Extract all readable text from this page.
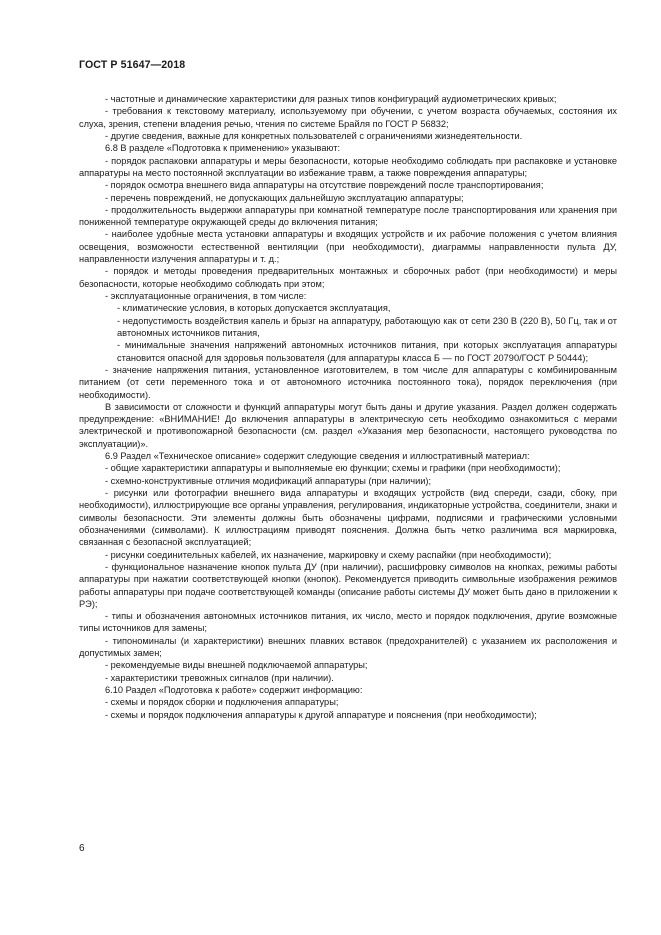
ГОСТ Р 51647—2018

- частотные и динамические характеристики для разных типов конфигураций аудиометрических кривых;

- требования к текстовому материалу, используемому при обучении, с учетом возраста обучаемых, состояния их слуха, зрения, степени владения речью, чтения по системе Брайля по ГОСТ Р 56832;

- другие сведения, важные для конкретных пользователей с ограничениями жизнедеятельности.

6.8 В разделе «Подготовка к применению» указывают:

- порядок распаковки аппаратуры и меры безопасности, которые необходимо соблюдать при распаковке и установке аппаратуры на место постоянной эксплуатации во избежание травм, а также повреждения аппаратуры;

- порядок осмотра внешнего вида аппаратуры на отсутствие повреждений после транспортирования;

- перечень повреждений, не допускающих дальнейшую эксплуатацию аппаратуры;

- продолжительность выдержки аппаратуры при комнатной температуре после транспортирования или хранения при пониженной температуре окружающей среды до включения питания;

- наиболее удобные места установки аппаратуры и входящих устройств и их рабочие положения с учетом влияния освещения, возможности естественной вентиляции (при необходимости), диаграммы направленности пульта ДУ, направленности излучения аппаратуры и т. д.;

- порядок и методы проведения предварительных монтажных и сборочных работ (при необходимости) и меры безопасности, которые необходимо соблюдать при этом;

- эксплуатационные ограничения, в том числе:

- климатические условия, в которых допускается эксплуатация,

- недопустимость воздействия капель и брызг на аппаратуру, работающую как от сети 230 В (220 В), 50 Гц, так и от автономных источников питания,

- минимальные значения напряжений автономных источников питания, при которых эксплуатация аппаратуры становится опасной для здоровья пользователя (для аппаратуры класса Б — по ГОСТ 20790/ГОСТ Р 50444);

- значение напряжения питания, установленное изготовителем, в том числе для аппаратуры с комбинированным питанием (от сети переменного тока и от автономного источника постоянного тока), порядок переключения (при необходимости).

В зависимости от сложности и функций аппаратуры могут быть даны и другие указания. Раздел должен содержать предупреждение: «ВНИМАНИЕ! До включения аппаратуры в электрическую сеть необходимо ознакомиться с мерами электрической и противопожарной безопасности (см. раздел «Указания мер безопасности, настоящего руководства по эксплуатации)».

6.9 Раздел «Техническое описание» содержит следующие сведения и иллюстративный материал:

- общие характеристики аппаратуры и выполняемые ею функции; схемы и графики (при необходимости);

- схемно-конструктивные отличия модификаций аппаратуры (при наличии);

- рисунки или фотографии внешнего вида аппаратуры и входящих устройств (вид спереди, сзади, сбоку, при необходимости), иллюстрирующие все органы управления, регулирования, индикаторные устройства, соединители, знаки и символы безопасности. Эти элементы должны быть обозначены цифрами, подписями и графическими условными обозначениями (символами). К иллюстрациям приводят пояснения. Должна быть четко различима вся маркировка, связанная с безопасной эксплуатацией;

- рисунки соединительных кабелей, их назначение, маркировку и схему распайки (при необходимости);

- функциональное назначение кнопок пульта ДУ (при наличии), расшифровку символов на кнопках, режимы работы аппаратуры при нажатии соответствующей кнопки (кнопок). Рекомендуется приводить символьные изображения режимов работы аппаратуры при подаче соответствующей команды (описание работы системы ДУ может быть дано в приложении к РЭ);

- типы и обозначения автономных источников питания, их число, место и порядок подключения, другие возможные типы источников для замены;

- типономиналы (и характеристики) внешних плавких вставок (предохранителей) с указанием их расположения и допустимых замен;

- рекомендуемые виды внешней подключаемой аппаратуры;

- характеристики тревожных сигналов (при наличии).

6.10 Раздел «Подготовка к работе» содержит информацию:

- схемы и порядок сборки и подключения аппаратуры;

- схемы и порядок подключения аппаратуры к другой аппаратуре и пояснения (при необходимости);

6
